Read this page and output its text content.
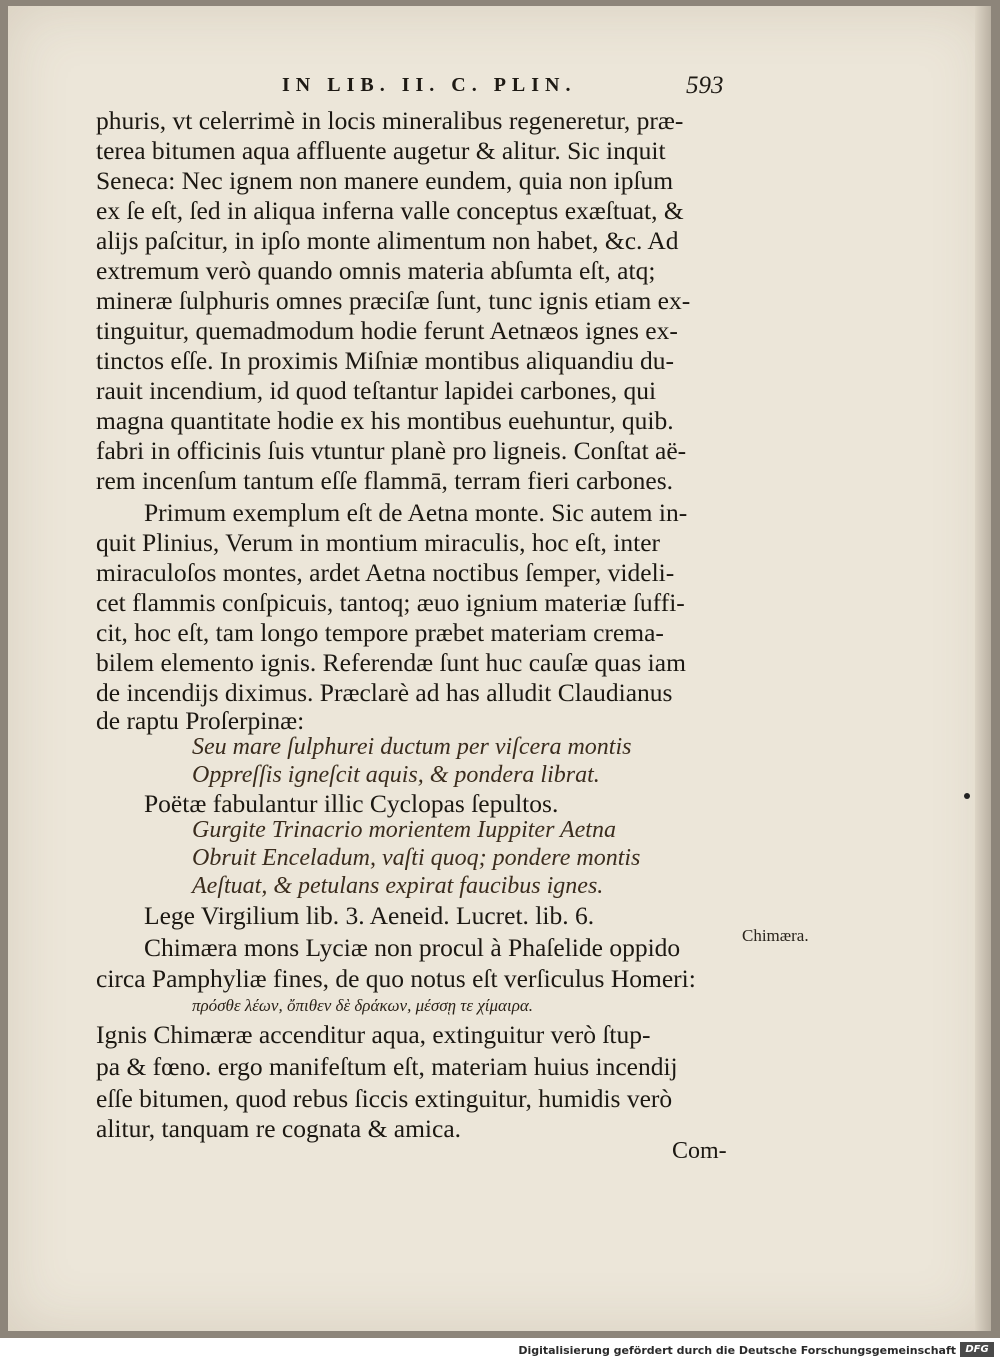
IN LIB. II. C. PLIN.	593
phuris, vt celerrimè in locis mineralibus regeneretur, præ-
terea bitumen aqua affluente augetur & alitur. Sic inquit
Seneca: Nec ignem non manere eundem, quia non ipſum
ex ſe eſt, ſed in aliqua inferna valle conceptus exæſtuat, &
alijs paſcitur, in ipſo monte alimentum non habet, &c. Ad
extremum verò quando omnis materia abſumta eſt, atq;
mineræ ſulphuris omnes præciſæ ſunt, tunc ignis etiam ex-
tinguitur, quemadmodum hodie ferunt Aetnæos ignes ex-
tinctos eſſe. In proximis Miſniæ montibus aliquandiu du-
rauit incendium, id quod teſtantur lapidei carbones, qui
magna quantitate hodie ex his montibus euehuntur, quib.
fabri in officinis ſuis vtuntur planè pro ligneis. Conſtat aë-
rem incenſum tantum eſſe flammā, terram fieri carbones.
Primum exemplum eſt de Aetna monte. Sic autem in-
quit Plinius, Verum in montium miraculis, hoc eſt, inter
miraculoſos montes, ardet Aetna noctibus ſemper, videli-
cet flammis conſpicuis, tantoq; æuo ignium materiæ ſuffi-
cit, hoc eſt, tam longo tempore præbet materiam crema-
bilem elemento ignis. Referendæ ſunt huc cauſæ quas iam
de incendijs diximus. Præclarè ad has alludit Claudianus
de raptu Proſerpinæ:
Seu mare ſulphurei ductum per viſcera montis
Oppreſſis igneſcit aquis, & pondera librat.
Poëtæ fabulantur illic Cyclopas ſepultos.
Gurgite Trinacrio morientem Iuppiter Aetna
Obruit Enceladum, vaſti quoq; pondere montis
Aeſtuat, & petulans expirat faucibus ignes.
Lege Virgilium lib. 3. Aeneid. Lucret. lib. 6.
Chimæra mons Lyciæ non procul à Phaſelide oppido
circa Pamphyliæ fines, de quo notus eſt verſiculus Homeri:
πρόσθε λέων, ὄπιθεν δὲ δράκων, μέσσῃ τε χίμαιρα.
Ignis Chimæræ accenditur aqua, extinguitur verò ſtup-
pa & fœno. ergo manifeſtum eſt, materiam huius incendij
eſſe bitumen, quod rebus ſiccis extinguitur, humidis verò
alitur, tanquam re cognata & amica.
Chimæra.
Com-
Digitalisierung gefördert durch die Deutsche Forschungsgemeinschaft DFG
